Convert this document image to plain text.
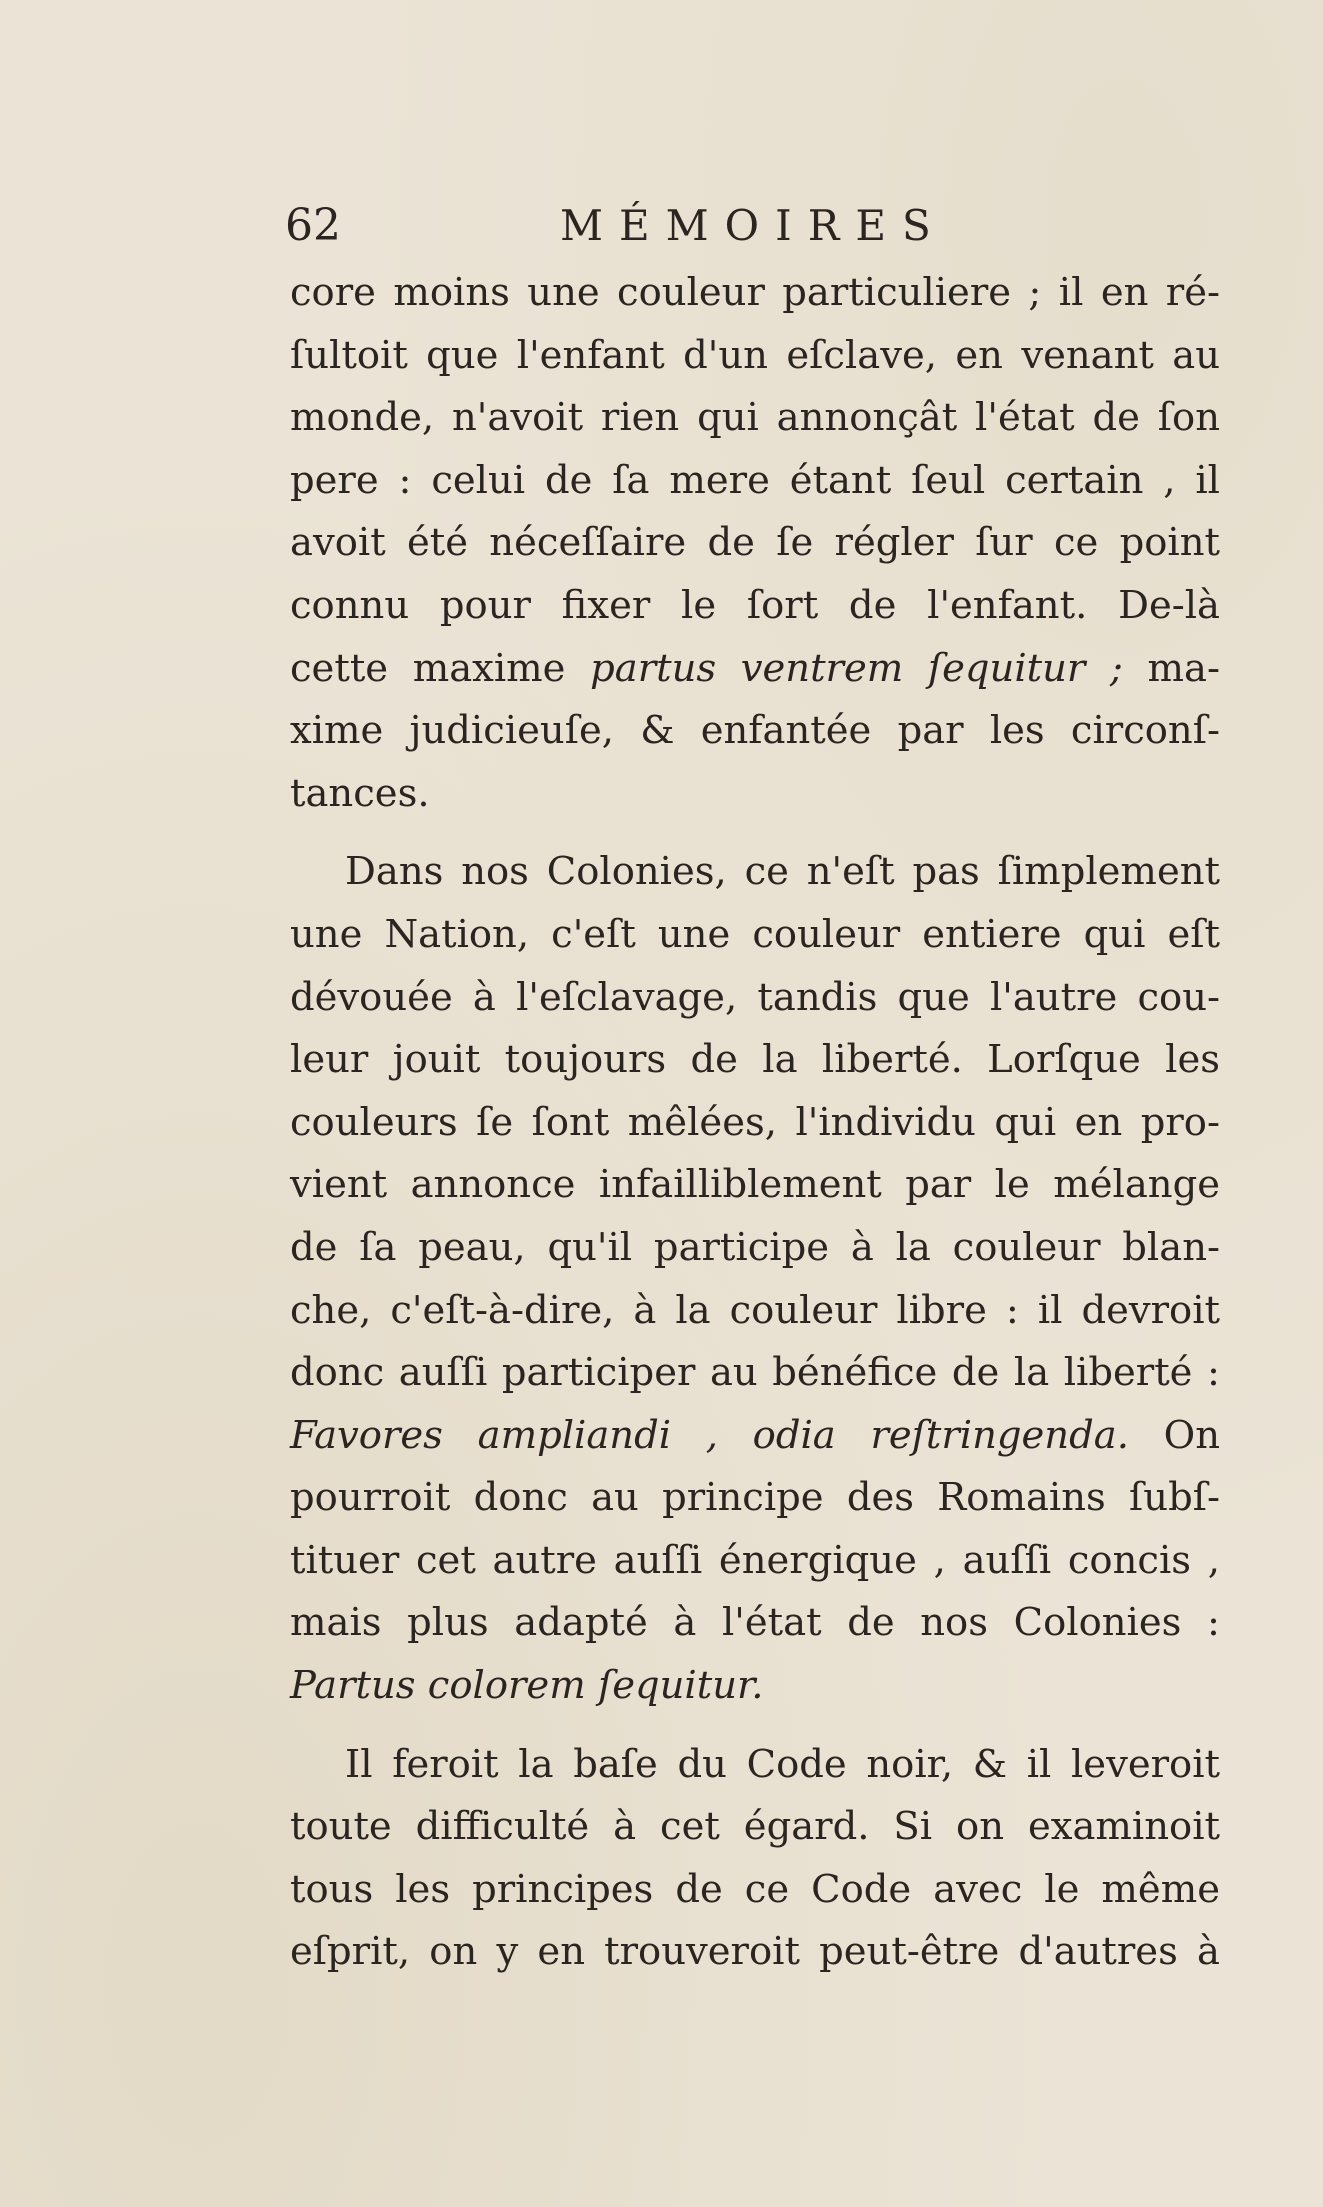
62	MÉMOIRES
core moins une couleur particuliere ; il en ré-
ſultoit que l'enfant d'un eſclave, en venant au
monde, n'avoit rien qui annonçât l'état de ſon
pere : celui de ſa mere étant ſeul certain , il
avoit été néceſſaire de ſe régler ſur ce point
connu pour fixer le ſort de l'enfant. De-là
cette maxime partus ventrem ſequitur ; ma-
xime judicieuſe, & enfantée par les circonſ-
tances.
Dans nos Colonies, ce n'eſt pas ſimplement
une Nation, c'eſt une couleur entiere qui eſt
dévouée à l'eſclavage, tandis que l'autre cou-
leur jouit toujours de la liberté. Lorſque les
couleurs ſe ſont mêlées, l'individu qui en pro-
vient annonce infailliblement par le mélange
de ſa peau, qu'il participe à la couleur blan-
che, c'eſt-à-dire, à la couleur libre : il devroit
donc auſſi participer au bénéfice de la liberté :
Favores ampliandi , odia reſtringenda. On
pourroit donc au principe des Romains ſubſ-
tituer cet autre auſſi énergique , auſſi concis ,
mais plus adapté à l'état de nos Colonies :
Partus colorem ſequitur.
Il feroit la baſe du Code noir, & il leveroit
toute difficulté à cet égard. Si on examinoit
tous les principes de ce Code avec le même
eſprit, on y en trouveroit peut-être d'autres à
